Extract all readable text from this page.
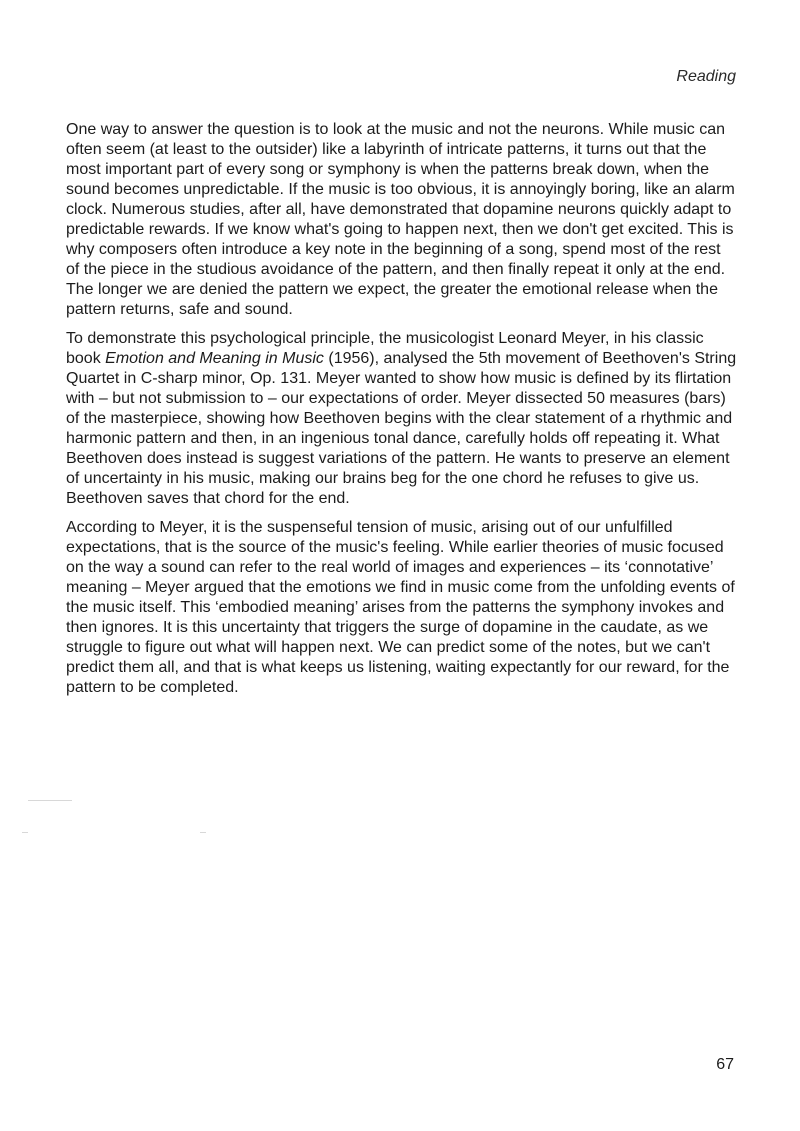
Reading

One way to answer the question is to look at the music and not the neurons. While music can often seem (at least to the outsider) like a labyrinth of intricate patterns, it turns out that the most important part of every song or symphony is when the patterns break down, when the sound becomes unpredictable. If the music is too obvious, it is annoyingly boring, like an alarm clock. Numerous studies, after all, have demonstrated that dopamine neurons quickly adapt to predictable rewards. If we know what's going to happen next, then we don't get excited. This is why composers often introduce a key note in the beginning of a song, spend most of the rest of the piece in the studious avoidance of the pattern, and then finally repeat it only at the end. The longer we are denied the pattern we expect, the greater the emotional release when the pattern returns, safe and sound.

To demonstrate this psychological principle, the musicologist Leonard Meyer, in his classic book Emotion and Meaning in Music (1956), analysed the 5th movement of Beethoven's String Quartet in C-sharp minor, Op. 131. Meyer wanted to show how music is defined by its flirtation with – but not submission to – our expectations of order. Meyer dissected 50 measures (bars) of the masterpiece, showing how Beethoven begins with the clear statement of a rhythmic and harmonic pattern and then, in an ingenious tonal dance, carefully holds off repeating it. What Beethoven does instead is suggest variations of the pattern. He wants to preserve an element of uncertainty in his music, making our brains beg for the one chord he refuses to give us. Beethoven saves that chord for the end.

According to Meyer, it is the suspenseful tension of music, arising out of our unfulfilled expectations, that is the source of the music's feeling. While earlier theories of music focused on the way a sound can refer to the real world of images and experiences – its ‘connotative’ meaning – Meyer argued that the emotions we find in music come from the unfolding events of the music itself. This ‘embodied meaning’ arises from the patterns the symphony invokes and then ignores. It is this uncertainty that triggers the surge of dopamine in the caudate, as we struggle to figure out what will happen next. We can predict some of the notes, but we can't predict them all, and that is what keeps us listening, waiting expectantly for our reward, for the pattern to be completed.

67
